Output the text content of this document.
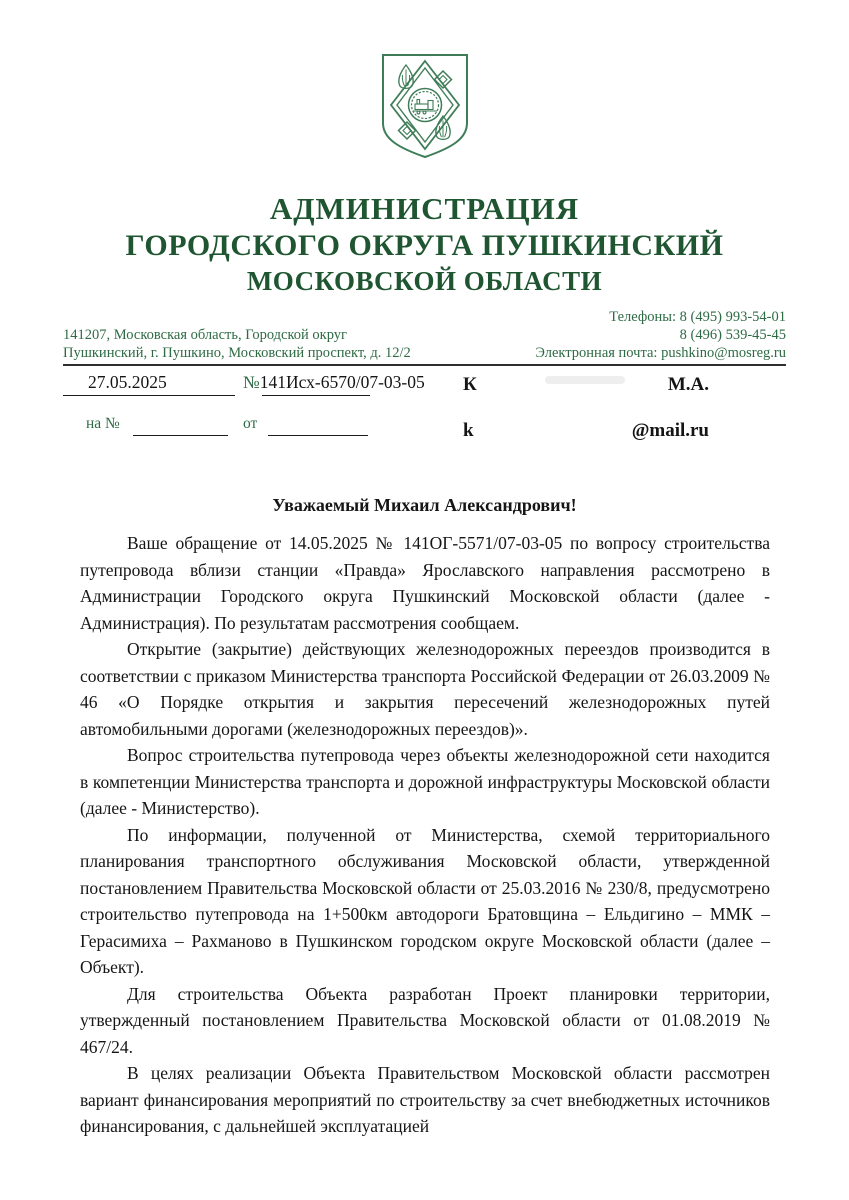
АДМИНИСТРАЦИЯ
ГОРОДСКОГО ОКРУГА ПУШКИНСКИЙ
МОСКОВСКОЙ ОБЛАСТИ
141207, Московская область, Городской округ
Пушкинский, г. Пушкино, Московский проспект, д. 12/2
Телефоны: 8 (495) 993-54-01
8 (496) 539-45-45
Электронная почта: pushkino@mosreg.ru
27.05.2025	№141Исх-6570/07-03-05
на №	от
К	М.А.
k	@mail.ru
Уважаемый Михаил Александрович!

Ваше обращение от 14.05.2025 № 141ОГ-5571/07-03-05 по вопросу строительства путепровода вблизи станции «Правда» Ярославского направления рассмотрено в Администрации Городского округа Пушкинский Московской области (далее - Администрация). По результатам рассмотрения сообщаем.

Открытие (закрытие) действующих железнодорожных переездов производится в соответствии с приказом Министерства транспорта Российской Федерации от 26.03.2009 № 46 «О Порядке открытия и закрытия пересечений железнодорожных путей автомобильными дорогами (железнодорожных переездов)».

Вопрос строительства путепровода через объекты железнодорожной сети находится в компетенции Министерства транспорта и дорожной инфраструктуры Московской области (далее - Министерство).

По информации, полученной от Министерства, схемой территориального планирования транспортного обслуживания Московской области, утвержденной постановлением Правительства Московской области от 25.03.2016 № 230/8, предусмотрено строительство путепровода на 1+500км автодороги Братовщина – Ельдигино – ММК – Герасимиха – Рахманово в Пушкинском городском округе Московской области (далее – Объект).

Для строительства Объекта разработан Проект планировки территории, утвержденный постановлением Правительства Московской области от 01.08.2019 № 467/24.

В целях реализации Объекта Правительством Московской области рассмотрен вариант финансирования мероприятий по строительству за счет внебюджетных источников финансирования, с дальнейшей эксплуатацией
